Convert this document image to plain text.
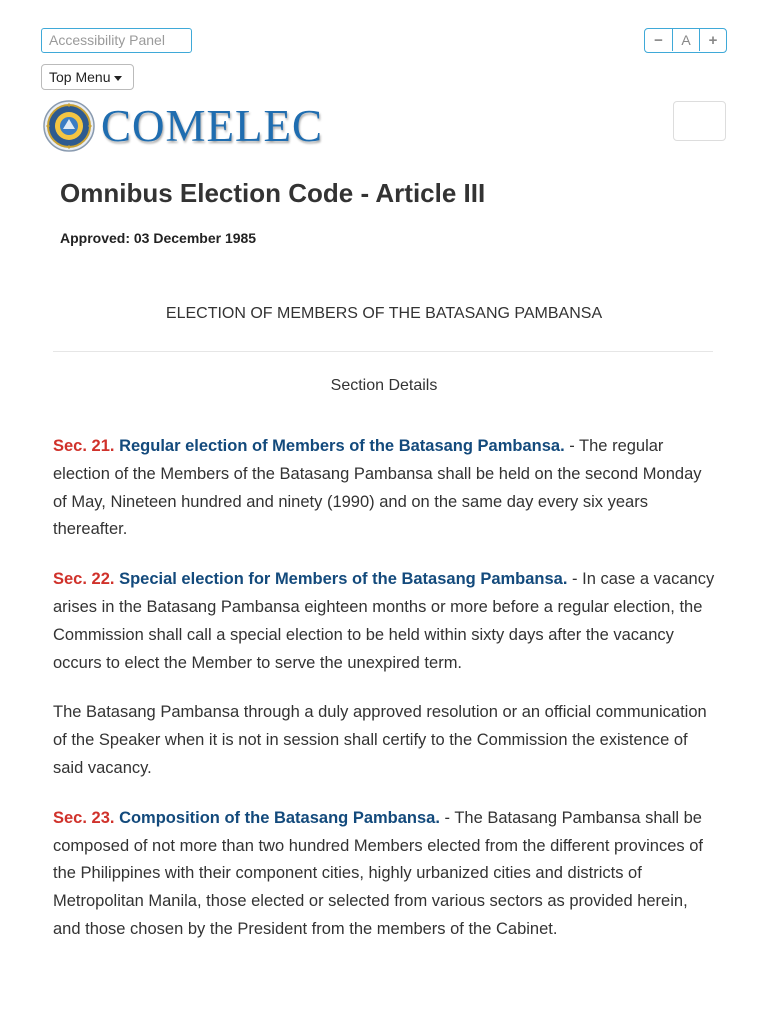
Accessibility Panel	−	A	+
Top Menu
COMELEC
Omnibus Election Code - Article III
Approved: 03 December 1985
ELECTION OF MEMBERS OF THE BATASANG PAMBANSA
Section Details

Sec. 21. Regular election of Members of the Batasang Pambansa. - The regular election of the Members of the Batasang Pambansa shall be held on the second Monday of May, Nineteen hundred and ninety (1990) and on the same day every six years thereafter.

Sec. 22. Special election for Members of the Batasang Pambansa. - In case a vacancy arises in the Batasang Pambansa eighteen months or more before a regular election, the Commission shall call a special election to be held within sixty days after the vacancy occurs to elect the Member to serve the unexpired term.

The Batasang Pambansa through a duly approved resolution or an official communication of the Speaker when it is not in session shall certify to the Commission the existence of said vacancy.

Sec. 23. Composition of the Batasang Pambansa. - The Batasang Pambansa shall be composed of not more than two hundred Members elected from the different provinces of the Philippines with their component cities, highly urbanized cities and districts of Metropolitan Manila, those elected or selected from various sectors as provided herein, and those chosen by the President from the members of the Cabinet.
